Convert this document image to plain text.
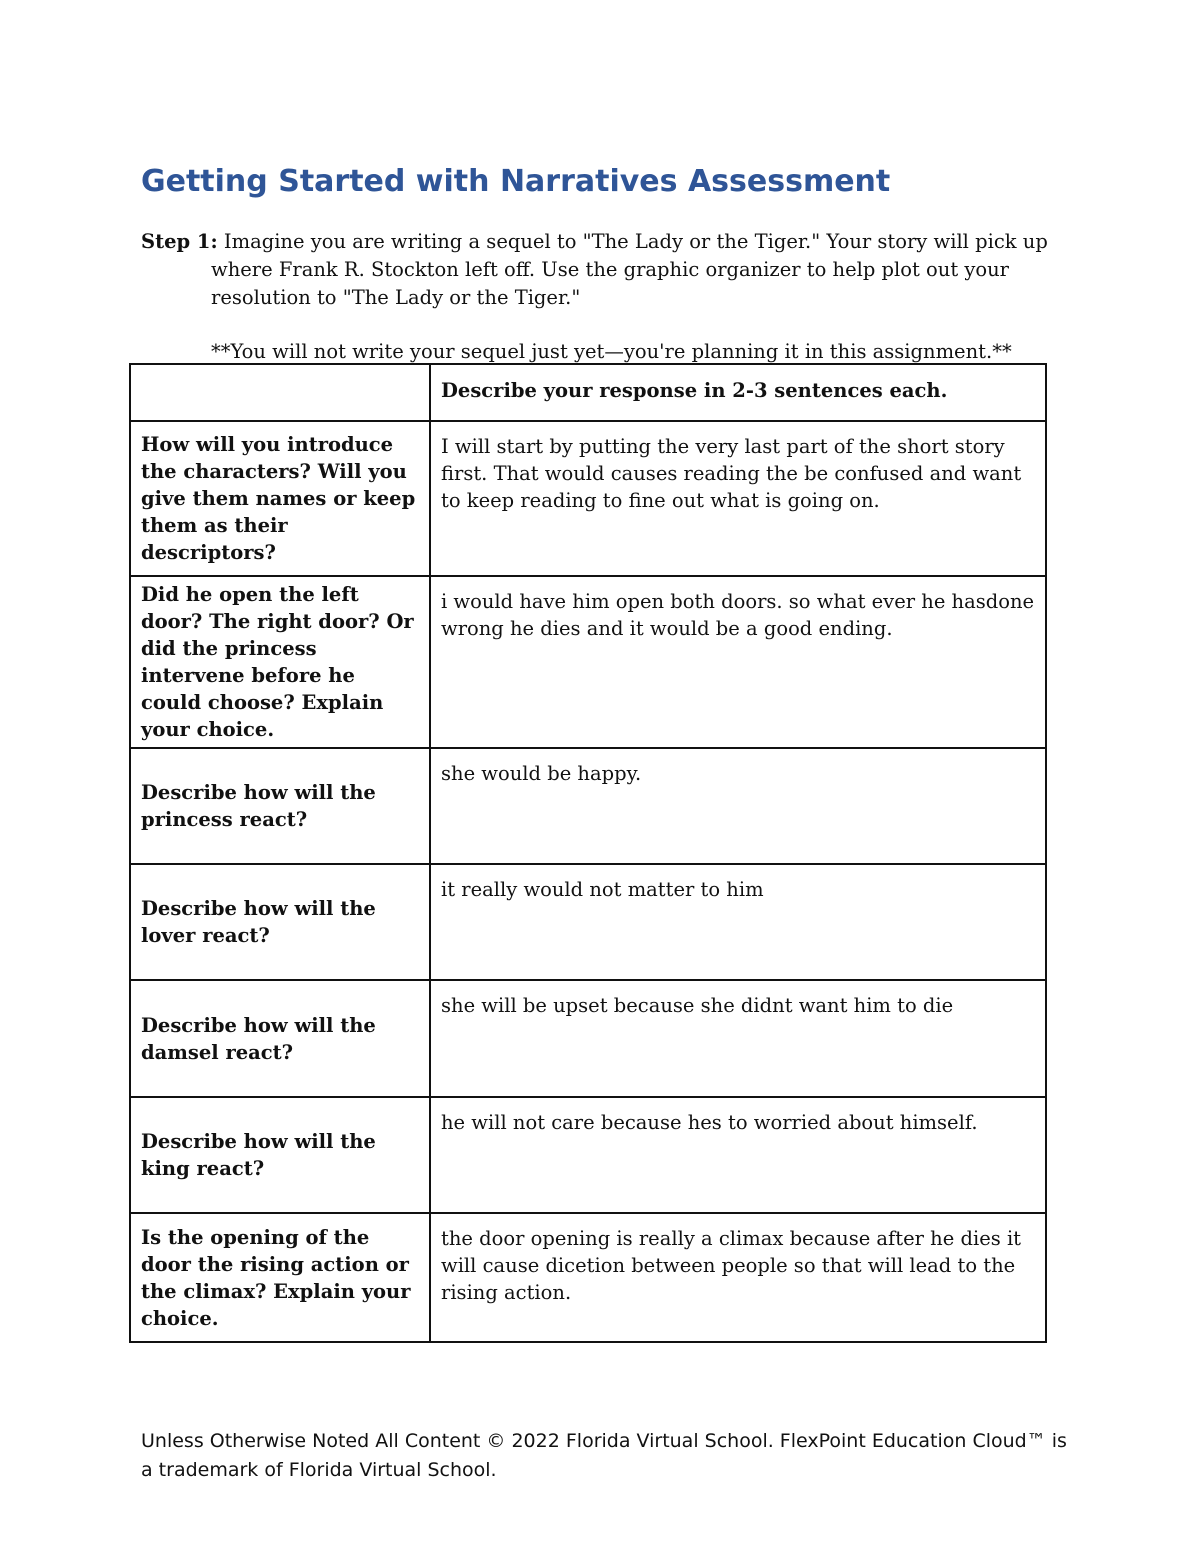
Getting Started with Narratives Assessment
Step 1: Imagine you are writing a sequel to "The Lady or the Tiger." Your story will pick up
where Frank R. Stockton left off. Use the graphic organizer to help plot out your
resolution to "The Lady or the Tiger."
**You will not write your sequel just yet—you're planning it in this assignment.**
	Describe your response in 2-3 sentences each.
How will you introduce the characters? Will you give them names or keep them as their descriptors?	I will start by putting the very last part of the short story first. That would causes reading the be confused and want to keep reading to fine out what is going on.
Did he open the left door? The right door? Or did the princess intervene before he could choose? Explain your choice.	i would have him open both doors. so what ever he hasdone wrong he dies and it would be a good ending.
Describe how will the princess react?	she would be happy.
Describe how will the lover react?	it really would not matter to him
Describe how will the damsel react?	she will be upset because she didnt want him to die
Describe how will the king react?	he will not care because hes to worried about himself.
Is the opening of the door the rising action or the climax? Explain your choice.	the door opening is really a climax because after he dies it will cause dicetion between people so that will lead to the rising action.
Unless Otherwise Noted All Content © 2022 Florida Virtual School. FlexPoint Education Cloud™ is a trademark of Florida Virtual School.
